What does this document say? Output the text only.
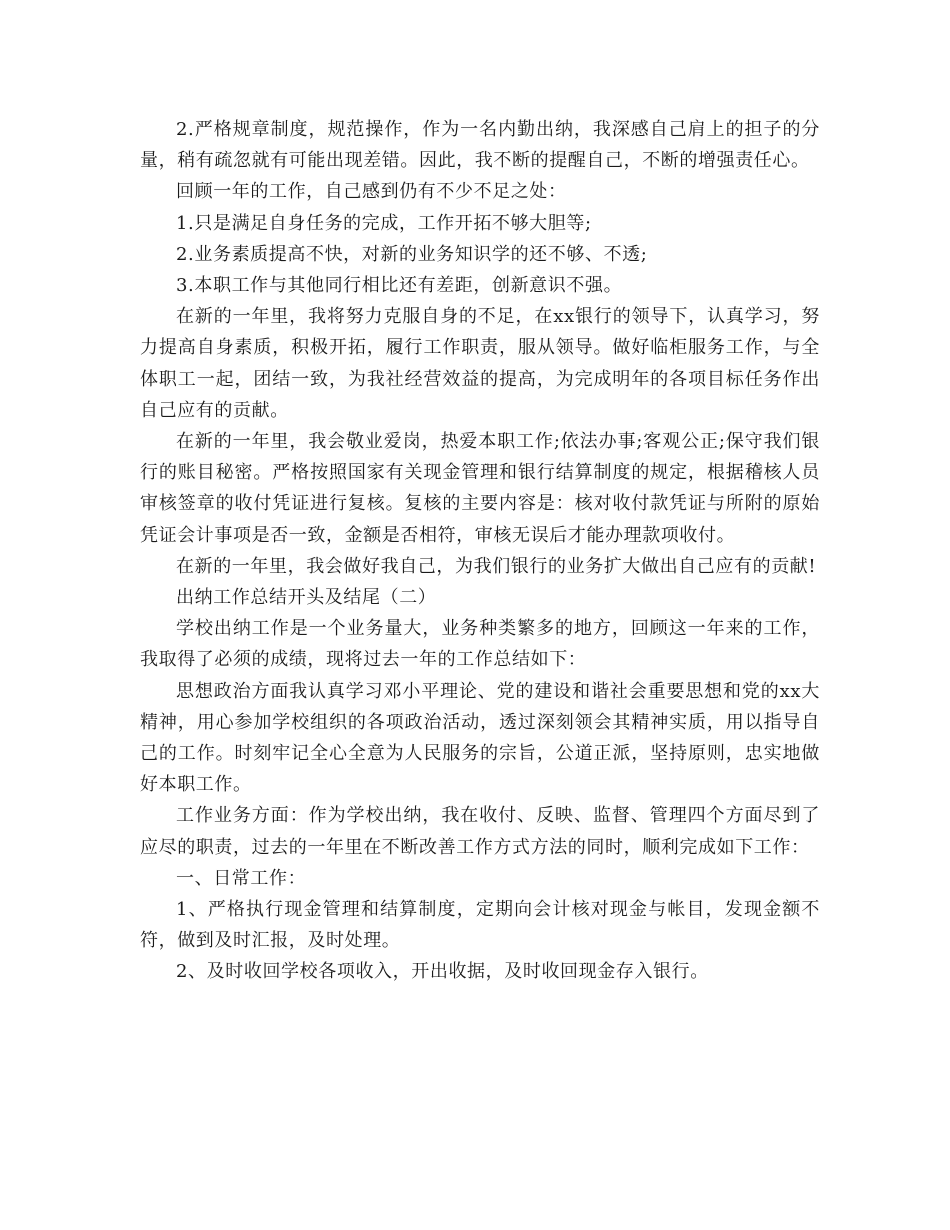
2.严格规章制度，规范操作，作为一名内勤出纳，我深感自己肩上的担子的分量，稍有疏忽就有可能出现差错。因此，我不断的提醒自己，不断的增强责任心。

回顾一年的工作，自己感到仍有不少不足之处：

1.只是满足自身任务的完成，工作开拓不够大胆等;

2.业务素质提高不快，对新的业务知识学的还不够、不透;

3.本职工作与其他同行相比还有差距，创新意识不强。

在新的一年里，我将努力克服自身的不足，在xx银行的领导下，认真学习，努力提高自身素质，积极开拓，履行工作职责，服从领导。做好临柜服务工作，与全体职工一起，团结一致，为我社经营效益的提高，为完成明年的各项目标任务作出自己应有的贡献。

在新的一年里，我会敬业爱岗，热爱本职工作;依法办事;客观公正;保守我们银行的账目秘密。严格按照国家有关现金管理和银行结算制度的规定，根据稽核人员审核签章的收付凭证进行复核。复核的主要内容是：核对收付款凭证与所附的原始凭证会计事项是否一致，金额是否相符，审核无误后才能办理款项收付。

在新的一年里，我会做好我自己，为我们银行的业务扩大做出自己应有的贡献!

出纳工作总结开头及结尾（二）

学校出纳工作是一个业务量大，业务种类繁多的地方，回顾这一年来的工作，我取得了必须的成绩，现将过去一年的工作总结如下：

思想政治方面我认真学习邓小平理论、党的建设和谐社会重要思想和党的xx大精神，用心参加学校组织的各项政治活动，透过深刻领会其精神实质，用以指导自己的工作。时刻牢记全心全意为人民服务的宗旨，公道正派，坚持原则，忠实地做好本职工作。

工作业务方面：作为学校出纳，我在收付、反映、监督、管理四个方面尽到了应尽的职责，过去的一年里在不断改善工作方式方法的同时，顺利完成如下工作：

一、日常工作：

1、严格执行现金管理和结算制度，定期向会计核对现金与帐目，发现金额不符，做到及时汇报，及时处理。

2、及时收回学校各项收入，开出收据，及时收回现金存入银行。
